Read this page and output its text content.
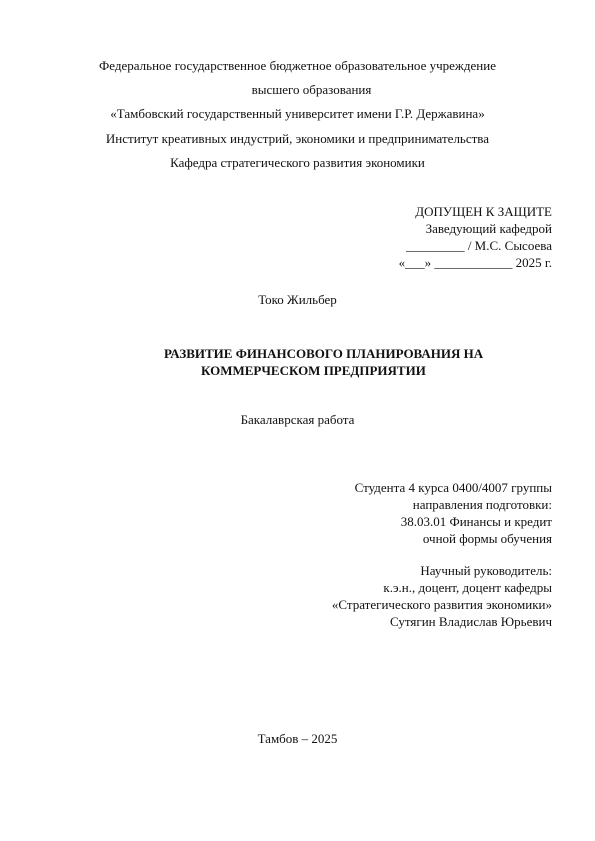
Федеральное государственное бюджетное образовательное учреждение
высшего образования
«Тамбовский государственный университет имени Г.Р. Державина»
Институт креативных индустрий, экономики и предпринимательства
Кафедра стратегического развития экономики
ДОПУЩЕН К ЗАЩИТЕ
Заведующий кафедрой
_________ / М.С. Сысоева
«___» ____________ 2025 г.
Токо Жильбер
РАЗВИТИЕ ФИНАНСОВОГО ПЛАНИРОВАНИЯ НА
КОММЕРЧЕСКОМ ПРЕДПРИЯТИИ
Бакалаврская работа
Студента 4 курса 0400/4007 группы
направления подготовки:
38.03.01 Финансы и кредит
очной формы обучения
Научный руководитель:
к.э.н., доцент, доцент кафедры
«Стратегического развития экономики»
Сутягин Владислав Юрьевич
Тамбов – 2025
